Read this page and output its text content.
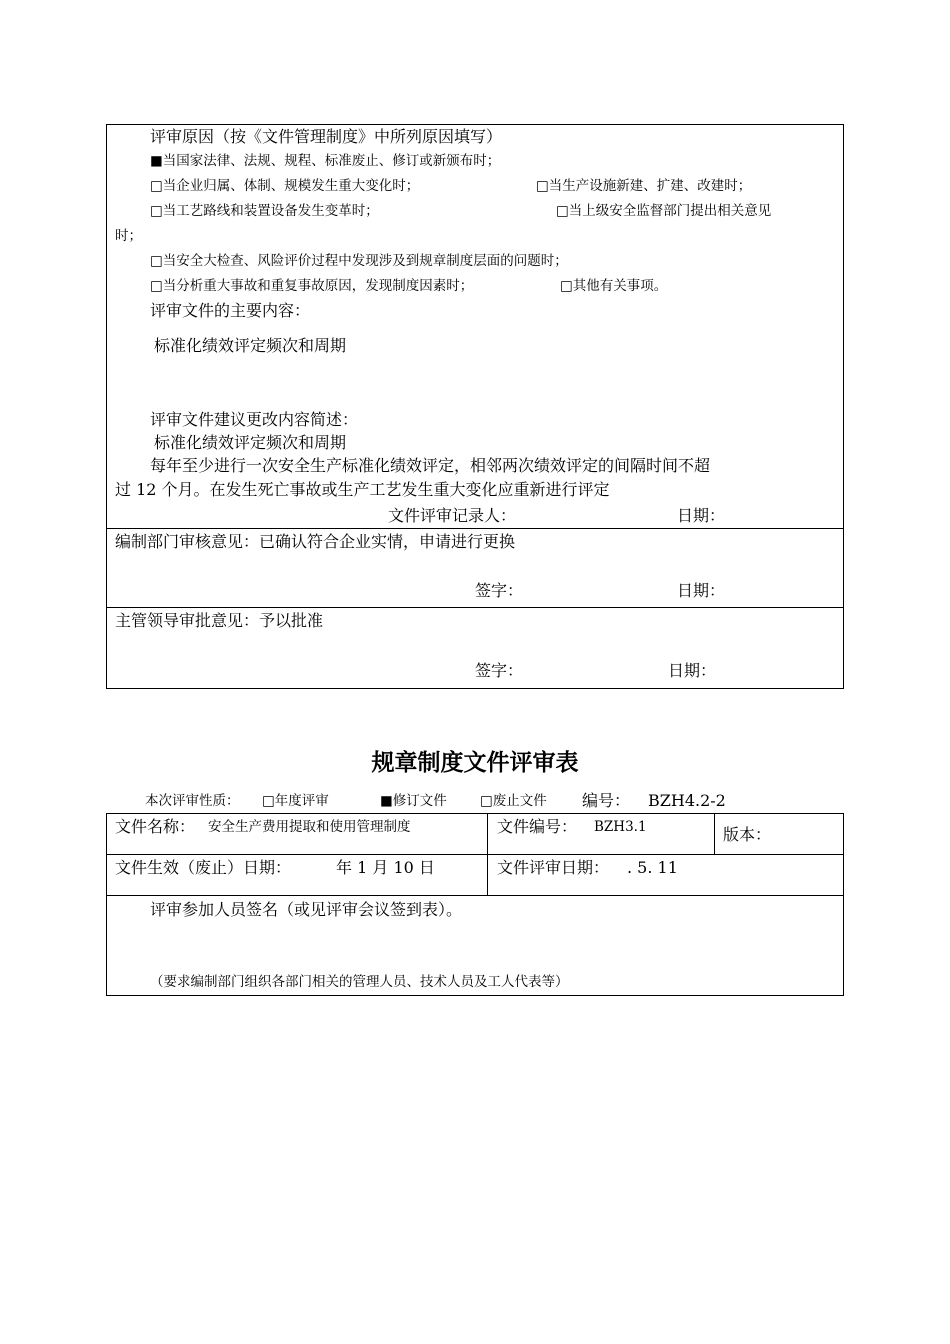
评审原因（按《文件管理制度》中所列原因填写）
■当国家法律、法规、规程、标准废止、修订或新颁布时；
□当企业归属、体制、规模发生重大变化时；	□当生产设施新建、扩建、改建时；
□当工艺路线和装置设备发生变革时；	□当上级安全监督部门提出相关意见
时；
□当安全大检查、风险评价过程中发现涉及到规章制度层面的问题时；
□当分析重大事故和重复事故原因，发现制度因素时；	□其他有关事项。
评审文件的主要内容：
标准化绩效评定频次和周期
评审文件建议更改内容简述：
标准化绩效评定频次和周期
每年至少进行一次安全生产标准化绩效评定，相邻两次绩效评定的间隔时间不超
过 12 个月。在发生死亡事故或生产工艺发生重大变化应重新进行评定
文件评审记录人：	日期：
编制部门审核意见：已确认符合企业实情，申请进行更换
签字：	日期：
主管领导审批意见：予以批准
签字：	日期：
规章制度文件评审表
本次评审性质： □年度评审	■修订文件 □废止文件 编号： BZH4.2-2
文件名称： 安全生产费用提取和使用管理制度	文件编号： BZH3.1	版本：
文件生效（废止）日期：	年 1 月 10 日	文件评审日期： . 5. 11
评审参加人员签名（或见评审会议签到表）。
（要求编制部门组织各部门相关的管理人员、技术人员及工人代表等）
